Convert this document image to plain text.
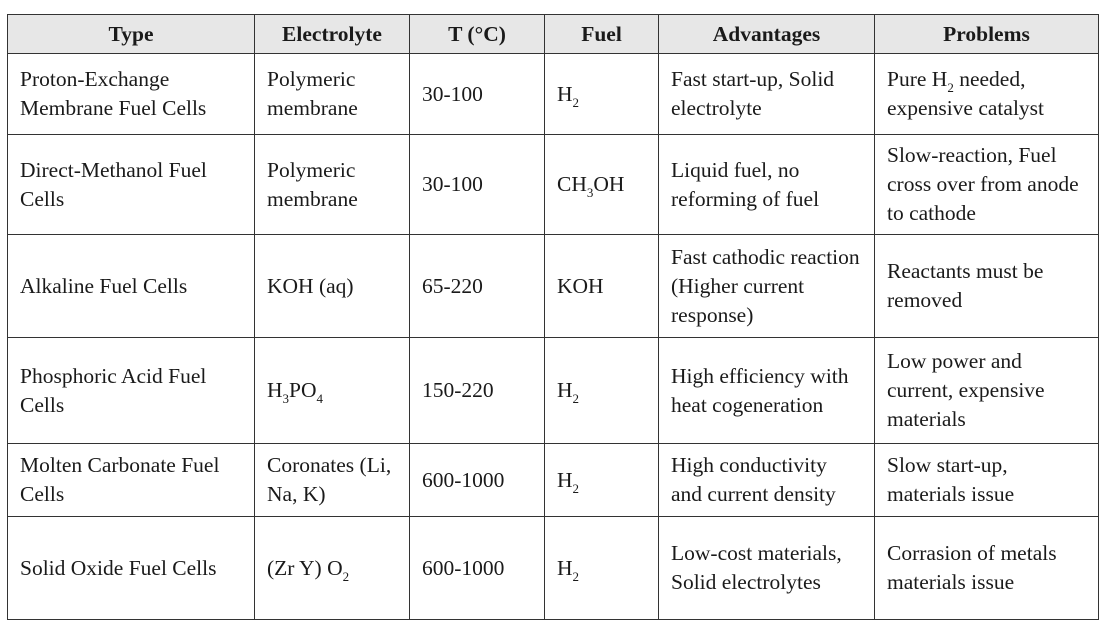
Type	Electrolyte	T (°C)	Fuel	Advantages	Problems
Proton-Exchange Membrane Fuel Cells	Polymeric membrane	30-100	$H_2$	Fast start-up, Solid electrolyte	Pure $H_2$ needed, expensive catalyst
Direct-Methanol Fuel Cells	Polymeric membrane	30-100	$CH_3OH$	Liquid fuel, no reforming of fuel	Slow-reaction, Fuel cross over from anode to cathode
Alkaline Fuel Cells	KOH (aq)	65-220	KOH	Fast cathodic reaction (Higher current response)	Reactants must be removed
Phosphoric Acid Fuel Cells	$H_3PO_4$	150-220	$H_2$	High efficiency with heat cogeneration	Low power and current, expensive materials
Molten Carbonate Fuel Cells	Coronates (Li, Na, K)	600-1000	$H_2$	High conductivity and current density	Slow start-up, materials issue
Solid Oxide Fuel Cells	(Zr Y) $O_2$	600-1000	$H_2$	Low-cost materials, Solid electrolytes	Corrasion of metals materials issue
